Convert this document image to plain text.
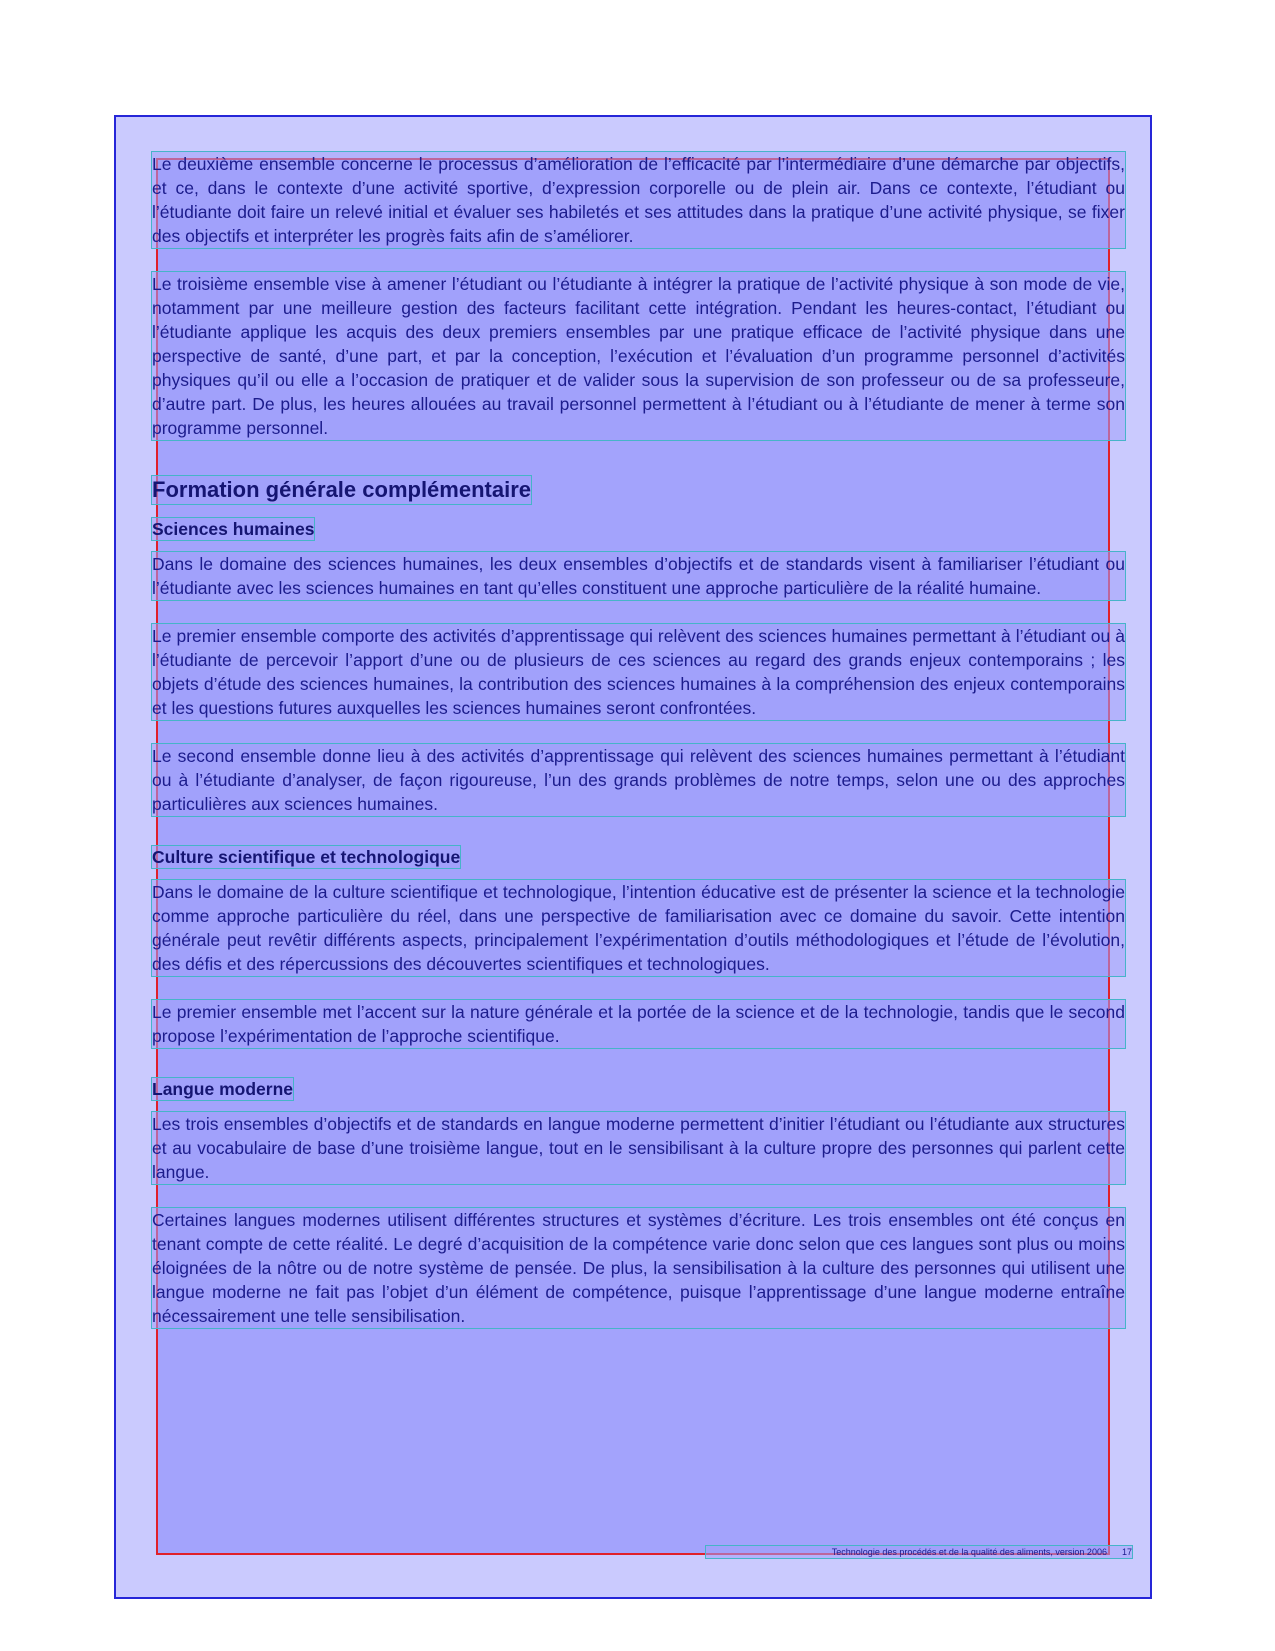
Le deuxième ensemble concerne le processus d’amélioration de l’efficacité par l’intermédiaire d’une démarche par objectifs, et ce, dans le contexte d’une activité sportive, d’expression corporelle ou de plein air. Dans ce contexte, l’étudiant ou l’étudiante doit faire un relevé initial et évaluer ses habiletés et ses attitudes dans la pratique d’une activité physique, se fixer des objectifs et interpréter les progrès faits afin de s’améliorer.

Le troisième ensemble vise à amener l’étudiant ou l’étudiante à intégrer la pratique de l’activité physique à son mode de vie, notamment par une meilleure gestion des facteurs facilitant cette intégration. Pendant les heures-contact, l’étudiant ou l’étudiante applique les acquis des deux premiers ensembles par une pratique efficace de l’activité physique dans une perspective de santé, d’une part, et par la conception, l’exécution et l’évaluation d’un programme personnel d’activités physiques qu’il ou elle a l’occasion de pratiquer et de valider sous la supervision de son professeur ou de sa professeure, d’autre part. De plus, les heures allouées au travail personnel permettent à l’étudiant ou à l’étudiante de mener à terme son programme personnel.

Formation générale complémentaire
Sciences humaines

Dans le domaine des sciences humaines, les deux ensembles d’objectifs et de standards visent à familiariser l’étudiant ou l’étudiante avec les sciences humaines en tant qu’elles constituent une approche particulière de la réalité humaine.

Le premier ensemble comporte des activités d’apprentissage qui relèvent des sciences humaines permettant à l’étudiant ou à l’étudiante de percevoir l’apport d’une ou de plusieurs de ces sciences au regard des grands enjeux contemporains ; les objets d’étude des sciences humaines, la contribution des sciences humaines à la compréhension des enjeux contemporains et les questions futures auxquelles les sciences humaines seront confrontées.

Le second ensemble donne lieu à des activités d’apprentissage qui relèvent des sciences humaines permettant à l’étudiant ou à l’étudiante d’analyser, de façon rigoureuse, l’un des grands problèmes de notre temps, selon une ou des approches particulières aux sciences humaines.

Culture scientifique et technologique

Dans le domaine de la culture scientifique et technologique, l’intention éducative est de présenter la science et la technologie comme approche particulière du réel, dans une perspective de familiarisation avec ce domaine du savoir. Cette intention générale peut revêtir différents aspects, principalement l’expérimentation d’outils méthodologiques et l’étude de l’évolution, des défis et des répercussions des découvertes scientifiques et technologiques.

Le premier ensemble met l’accent sur la nature générale et la portée de la science et de la technologie, tandis que le second propose l’expérimentation de l’approche scientifique.

Langue moderne

Les trois ensembles d’objectifs et de standards en langue moderne permettent d’initier l’étudiant ou l’étudiante aux structures et au vocabulaire de base d’une troisième langue, tout en le sensibilisant à la culture propre des personnes qui parlent cette langue.

Certaines langues modernes utilisent différentes structures et systèmes d’écriture. Les trois ensembles ont été conçus en tenant compte de cette réalité. Le degré d’acquisition de la compétence varie donc selon que ces langues sont plus ou moins éloignées de la nôtre ou de notre système de pensée. De plus, la sensibilisation à la culture des personnes qui utilisent une langue moderne ne fait pas l’objet d’un élément de compétence, puisque l’apprentissage d’une langue moderne entraîne nécessairement une telle sensibilisation.

Technologie des procédés et de la qualité des aliments, version 2006 17
